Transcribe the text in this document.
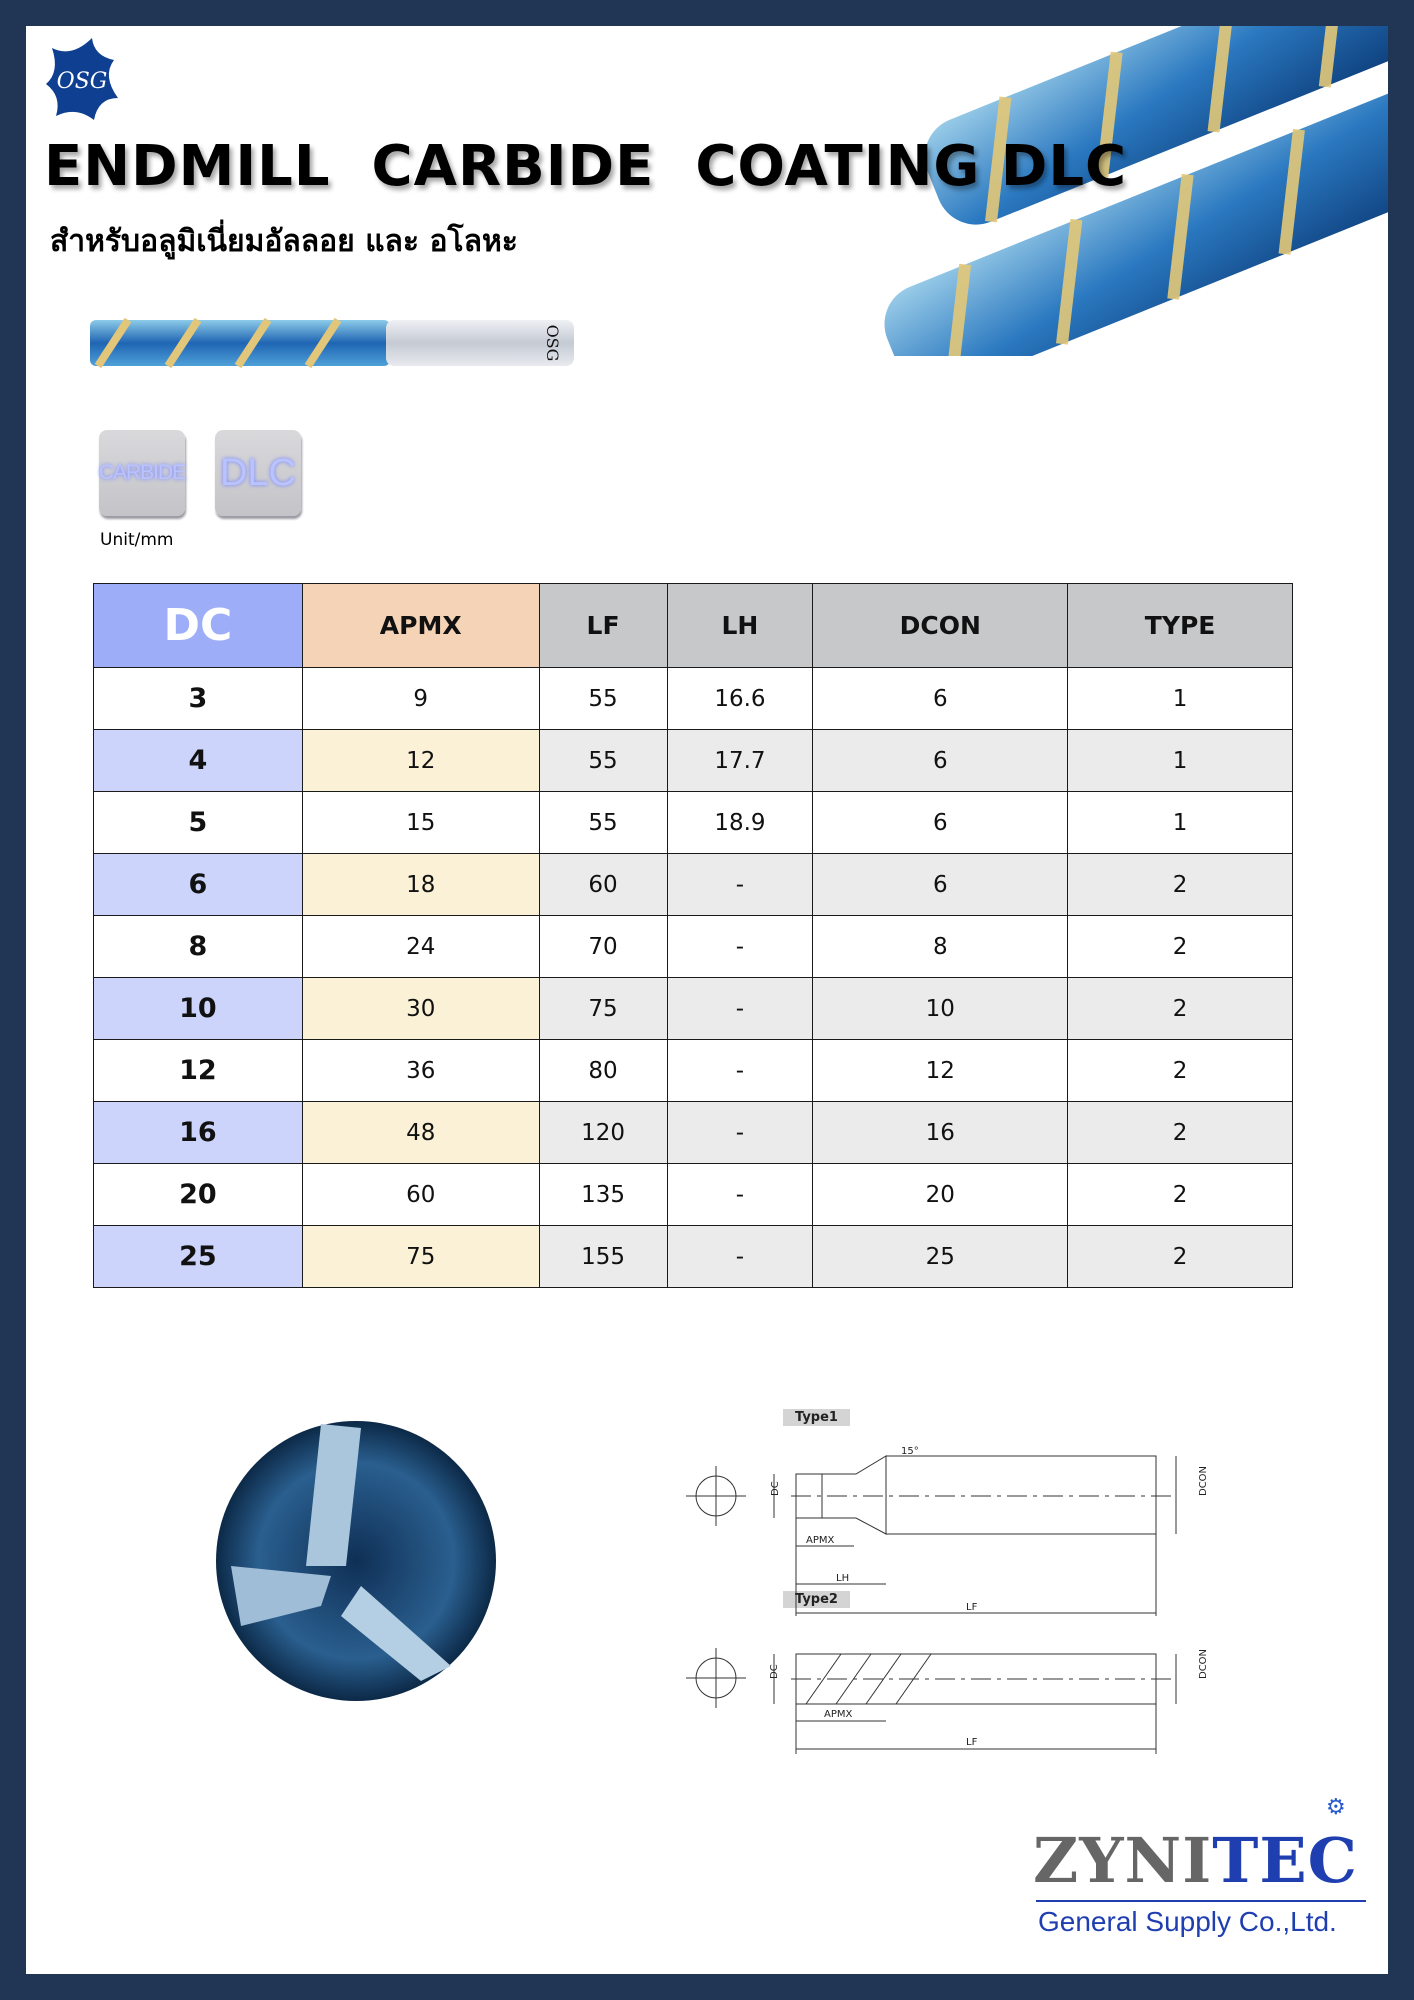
OSG
ENDMILL  CARBIDE  COATING DLC
สำหรับอลูมิเนี่ยมอัลลอย และ อโลหะ
OSG
CARBIDE DLC
Unit/mm
DC	APMX	LF	LH	DCON	TYPE
3	9	55	16.6	6	1
4	12	55	17.7	6	1
5	15	55	18.9	6	1
6	18	60	-	6	2
8	24	70	-	8	2
10	30	75	-	10	2
12	36	80	-	12	2
16	48	120	-	16	2
20	60	135	-	20	2
25	75	155	-	25	2
Type1
Type2
APMX
LH
LF
15°
DC	DCON
APMX
LF
DC	DCON
⚙
ZYNITEC
General Supply Co.,Ltd.
